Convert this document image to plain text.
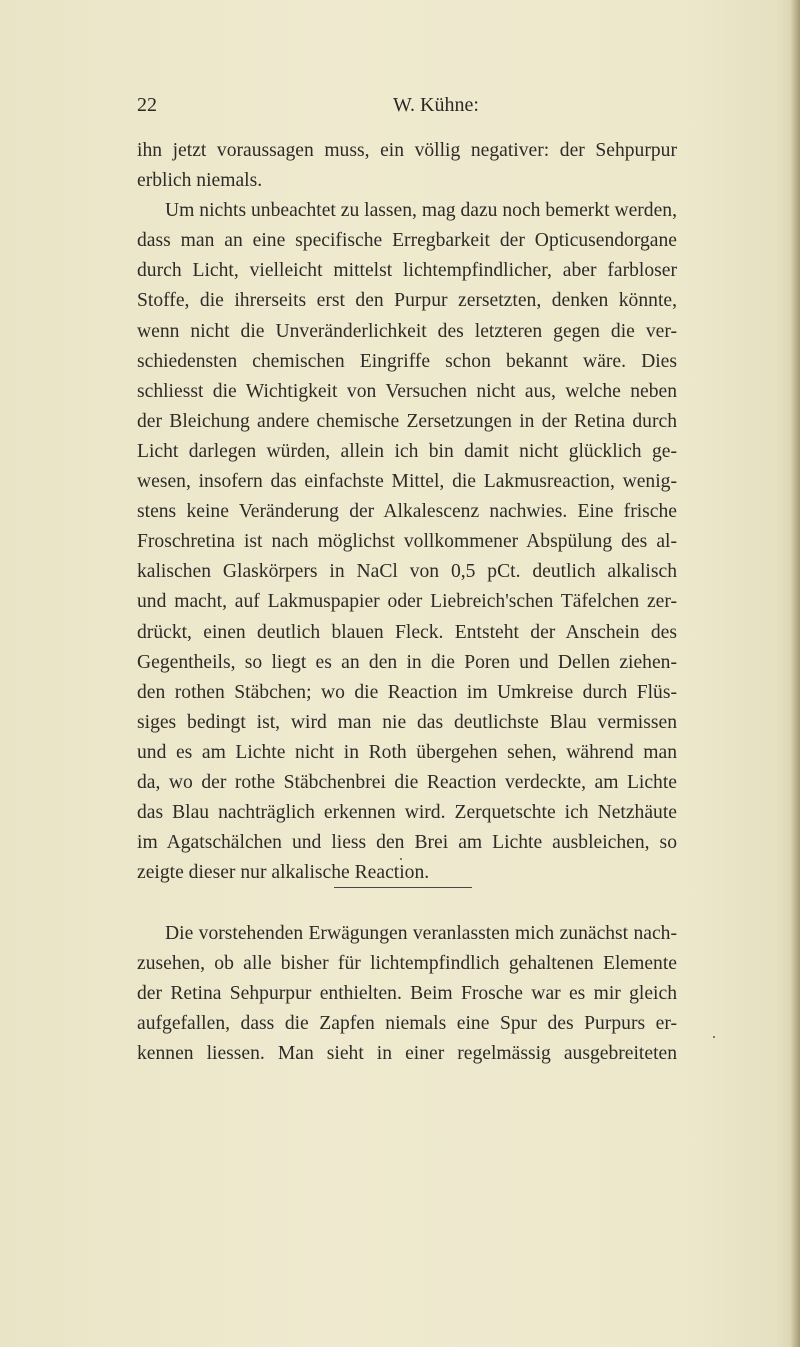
22	W. Kühne:
ihn jetzt voraussagen muss, ein völlig negativer: der Sehpurpur
erblich niemals.
Um nichts unbeachtet zu lassen, mag dazu noch bemerkt werden,
dass man an eine specifische Erregbarkeit der Opticusendorgane
durch Licht, vielleicht mittelst lichtempfindlicher, aber farbloser
Stoffe, die ihrerseits erst den Purpur zersetzten, denken könnte,
wenn nicht die Unveränderlichkeit des letzteren gegen die ver-
schiedensten chemischen Eingriffe schon bekannt wäre. Dies
schliesst die Wichtigkeit von Versuchen nicht aus, welche neben
der Bleichung andere chemische Zersetzungen in der Retina durch
Licht darlegen würden, allein ich bin damit nicht glücklich ge-
wesen, insofern das einfachste Mittel, die Lakmusreaction, wenig-
stens keine Veränderung der Alkalescenz nachwies. Eine frische
Froschretina ist nach möglichst vollkommener Abspülung des al-
kalischen Glaskörpers in NaCl von 0,5 pCt. deutlich alkalisch
und macht, auf Lakmuspapier oder Liebreich'schen Täfelchen zer-
drückt, einen deutlich blauen Fleck. Entsteht der Anschein des
Gegentheils, so liegt es an den in die Poren und Dellen ziehen-
den rothen Stäbchen; wo die Reaction im Umkreise durch Flüs-
siges bedingt ist, wird man nie das deutlichste Blau vermissen
und es am Lichte nicht in Roth übergehen sehen, während man
da, wo der rothe Stäbchenbrei die Reaction verdeckte, am Lichte
das Blau nachträglich erkennen wird. Zerquetschte ich Netzhäute
im Agatschälchen und liess den Brei am Lichte ausbleichen, so
zeigte dieser nur alkalische Reaction.
Die vorstehenden Erwägungen veranlassten mich zunächst nach-
zusehen, ob alle bisher für lichtempfindlich gehaltenen Elemente
der Retina Sehpurpur enthielten. Beim Frosche war es mir gleich
aufgefallen, dass die Zapfen niemals eine Spur des Purpurs er-
kennen liessen. Man sieht in einer regelmässig ausgebreiteten
